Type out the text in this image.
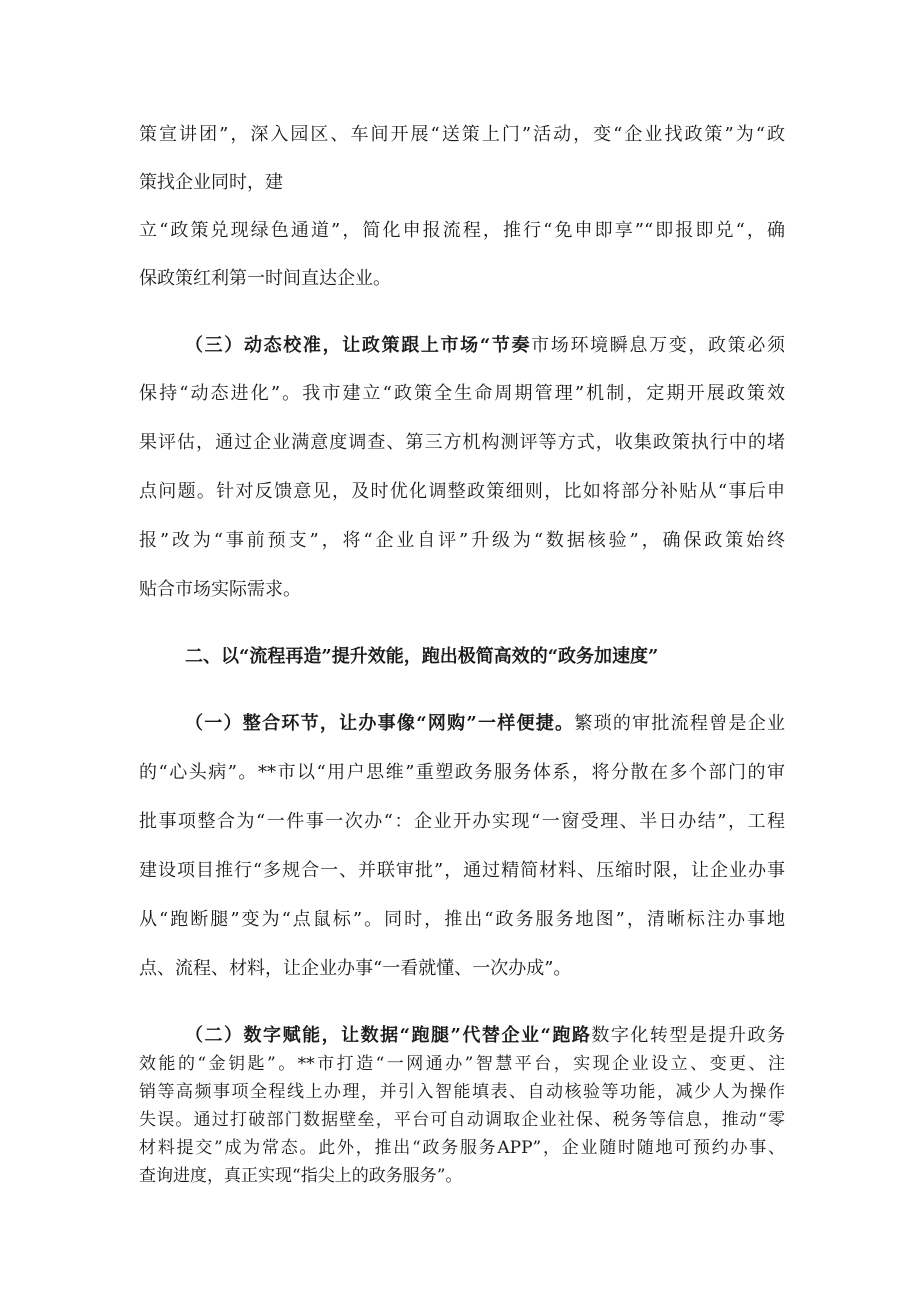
策宣讲团”，深入园区、车间开展“送策上门”活动，变“企业找政策”为“政
策找企业同时，建
立“政策兑现绿色通道”，简化申报流程，推行“免申即享”“即报即兑“，确
保政策红利第一时间直达企业。
（三）动态校准，让政策跟上市场“节奏市场环境瞬息万变，政策必须
保持“动态进化”。我市建立“政策全生命周期管理”机制，定期开展政策效
果评估，通过企业满意度调查、第三方机构测评等方式，收集政策执行中的堵
点问题。针对反馈意见，及时优化调整政策细则，比如将部分补贴从“事后申
报”改为“事前预支”，将“企业自评”升级为“数据核验”，确保政策始终
贴合市场实际需求。
二、以“流程再造”提升效能，跑出极简高效的“政务加速度”
（一）整合环节，让办事像“网购”一样便捷。繁琐的审批流程曾是企业
的“心头病”。**市以“用户思维”重塑政务服务体系，将分散在多个部门的审
批事项整合为“一件事一次办“：企业开办实现“一窗受理、半日办结”，工程
建设项目推行“多规合一、并联审批”，通过精简材料、压缩时限，让企业办事
从“跑断腿”变为“点鼠标”。同时，推出“政务服务地图”，清晰标注办事地
点、流程、材料，让企业办事“一看就懂、一次办成”。
（二）数字赋能，让数据“跑腿”代替企业“跑路数字化转型是提升政务
效能的“金钥匙”。**市打造“一网通办”智慧平台，实现企业设立、变更、注
销等高频事项全程线上办理，并引入智能填表、自动核验等功能，减少人为操作
失误。通过打破部门数据壁垒，平台可自动调取企业社保、税务等信息，推动“零
材料提交”成为常态。此外，推出“政务服务APP”，企业随时随地可预约办事、
查询进度，真正实现“指尖上的政务服务”。
